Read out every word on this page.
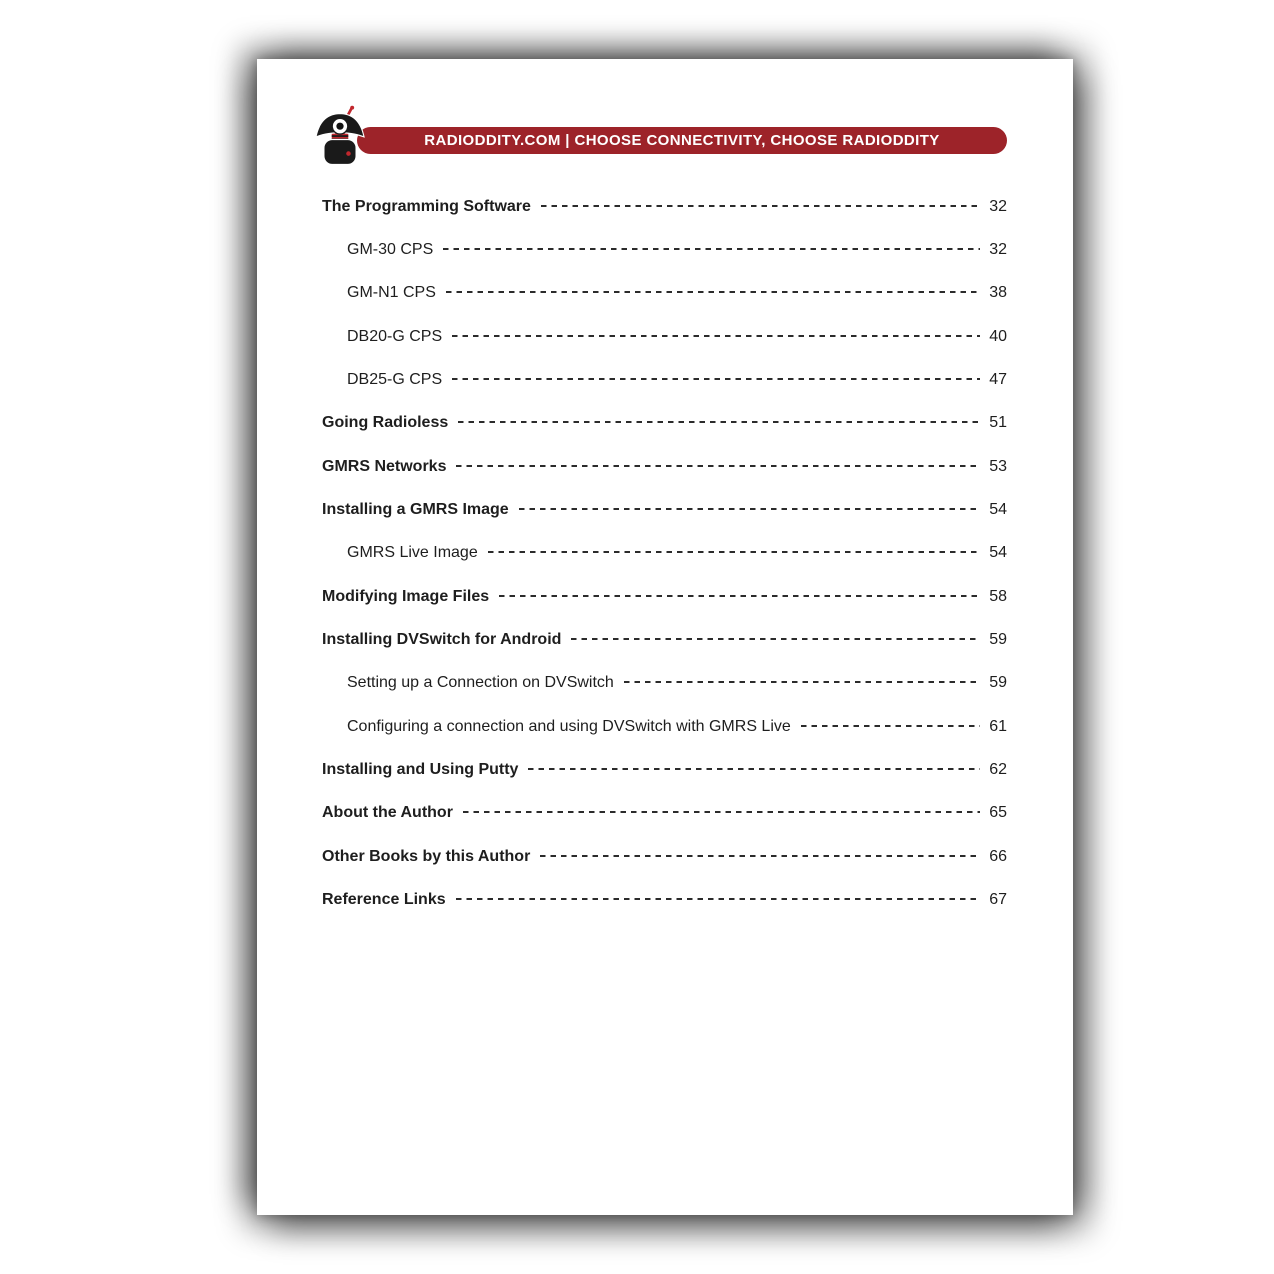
RADIODDITY.COM | CHOOSE CONNECTIVITY, CHOOSE RADIODDITY
The Programming Software	32
GM-30 CPS	32
GM-N1 CPS	38
DB20-G CPS	40
DB25-G CPS	47
Going Radioless	51
GMRS Networks	53
Installing a GMRS Image	54
GMRS Live Image	54
Modifying Image Files	58
Installing DVSwitch for Android	59
Setting up a Connection on DVSwitch	59
Configuring a connection and using DVSwitch with GMRS Live	61
Installing and Using Putty	62
About the Author	65
Other Books by this Author	66
Reference Links	67
